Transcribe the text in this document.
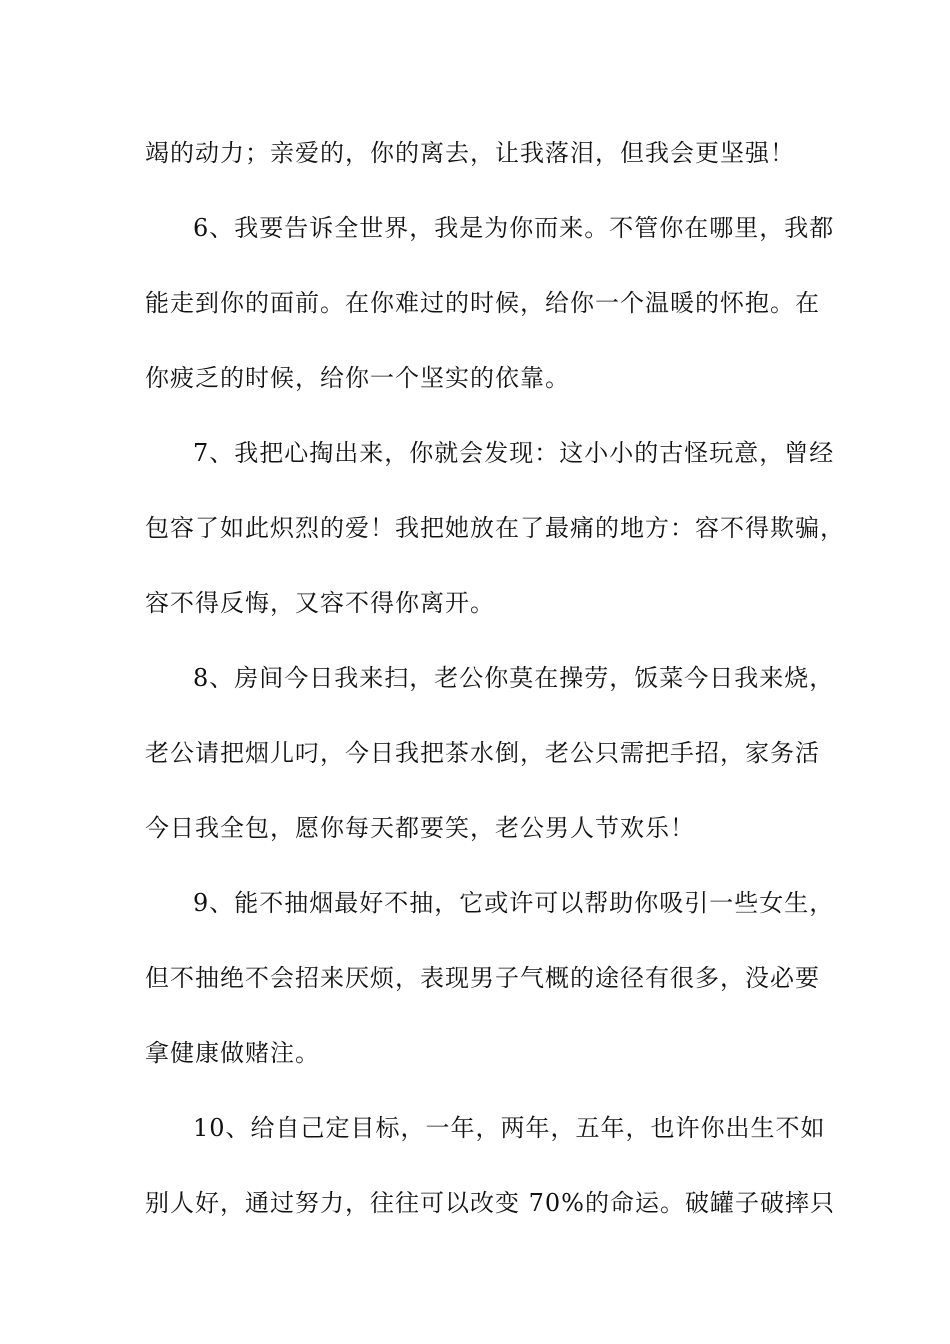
竭的动力；亲爱的，你的离去，让我落泪，但我会更坚强！
6、我要告诉全世界，我是为你而来。不管你在哪里，我都
能走到你的面前。在你难过的时候，给你一个温暖的怀抱。在
你疲乏的时候，给你一个坚实的依靠。
7、我把心掏出来，你就会发现：这小小的古怪玩意，曾经
包容了如此炽烈的爱！我把她放在了最痛的地方：容不得欺骗，
容不得反悔，又容不得你离开。
8、房间今日我来扫，老公你莫在操劳，饭菜今日我来烧，
老公请把烟儿叼，今日我把茶水倒，老公只需把手招，家务活
今日我全包，愿你每天都要笑，老公男人节欢乐！
9、能不抽烟最好不抽，它或许可以帮助你吸引一些女生，
但不抽绝不会招来厌烦，表现男子气概的途径有很多，没必要
拿健康做赌注。
10、给自己定目标，一年，两年，五年，也许你出生不如
别人好，通过努力，往往可以改变 70%的命运。破罐子破摔只
